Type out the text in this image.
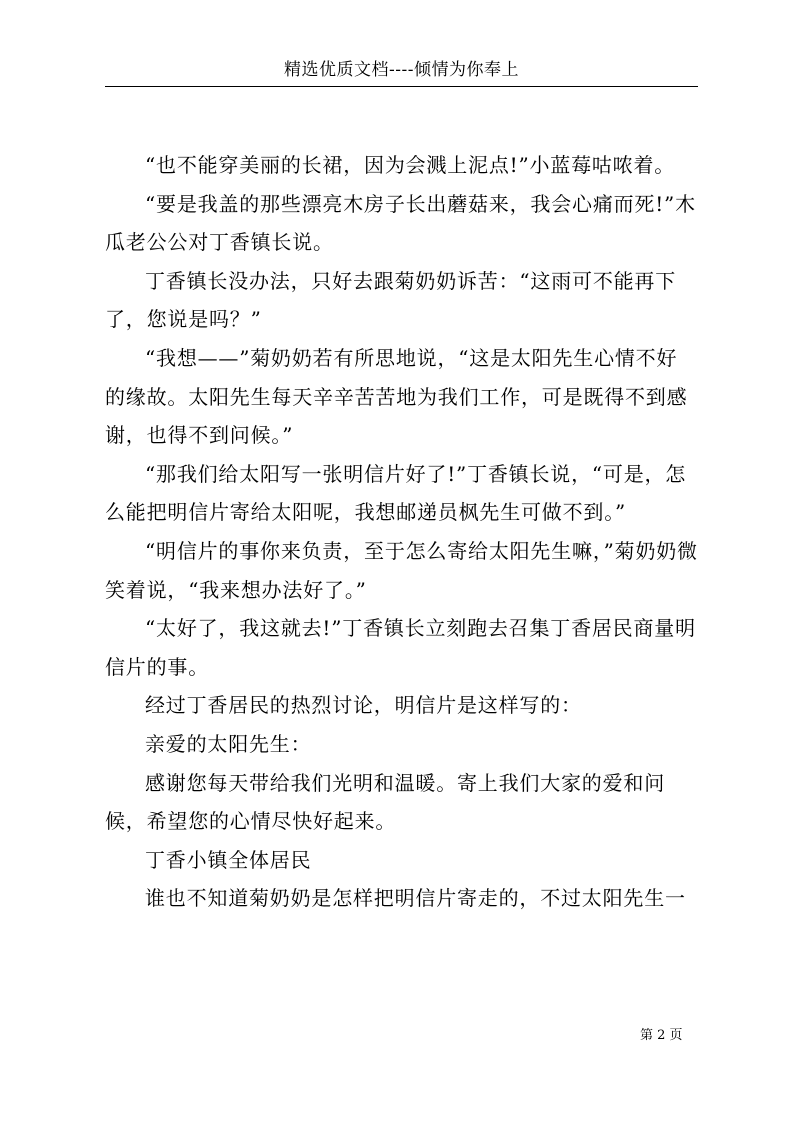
精选优质文档----倾情为你奉上

“也不能穿美丽的长裙，因为会溅上泥点!”小蓝莓咕哝着。

“要是我盖的那些漂亮木房子长出蘑菇来，我会心痛而死!”木瓜老公公对丁香镇长说。

丁香镇长没办法，只好去跟菊奶奶诉苦：“这雨可不能再下了，您说是吗？”

“我想——”菊奶奶若有所思地说，“这是太阳先生心情不好的缘故。太阳先生每天辛辛苦苦地为我们工作，可是既得不到感谢，也得不到问候。”

“那我们给太阳写一张明信片好了!”丁香镇长说，“可是，怎么能把明信片寄给太阳呢，我想邮递员枫先生可做不到。”

“明信片的事你来负责，至于怎么寄给太阳先生嘛，”菊奶奶微笑着说，“我来想办法好了。”

“太好了，我这就去!”丁香镇长立刻跑去召集丁香居民商量明信片的事。

经过丁香居民的热烈讨论，明信片是这样写的：

亲爱的太阳先生：

感谢您每天带给我们光明和温暖。寄上我们大家的爱和问候，希望您的心情尽快好起来。

丁香小镇全体居民

谁也不知道菊奶奶是怎样把明信片寄走的，不过太阳先生一

第 2 页
